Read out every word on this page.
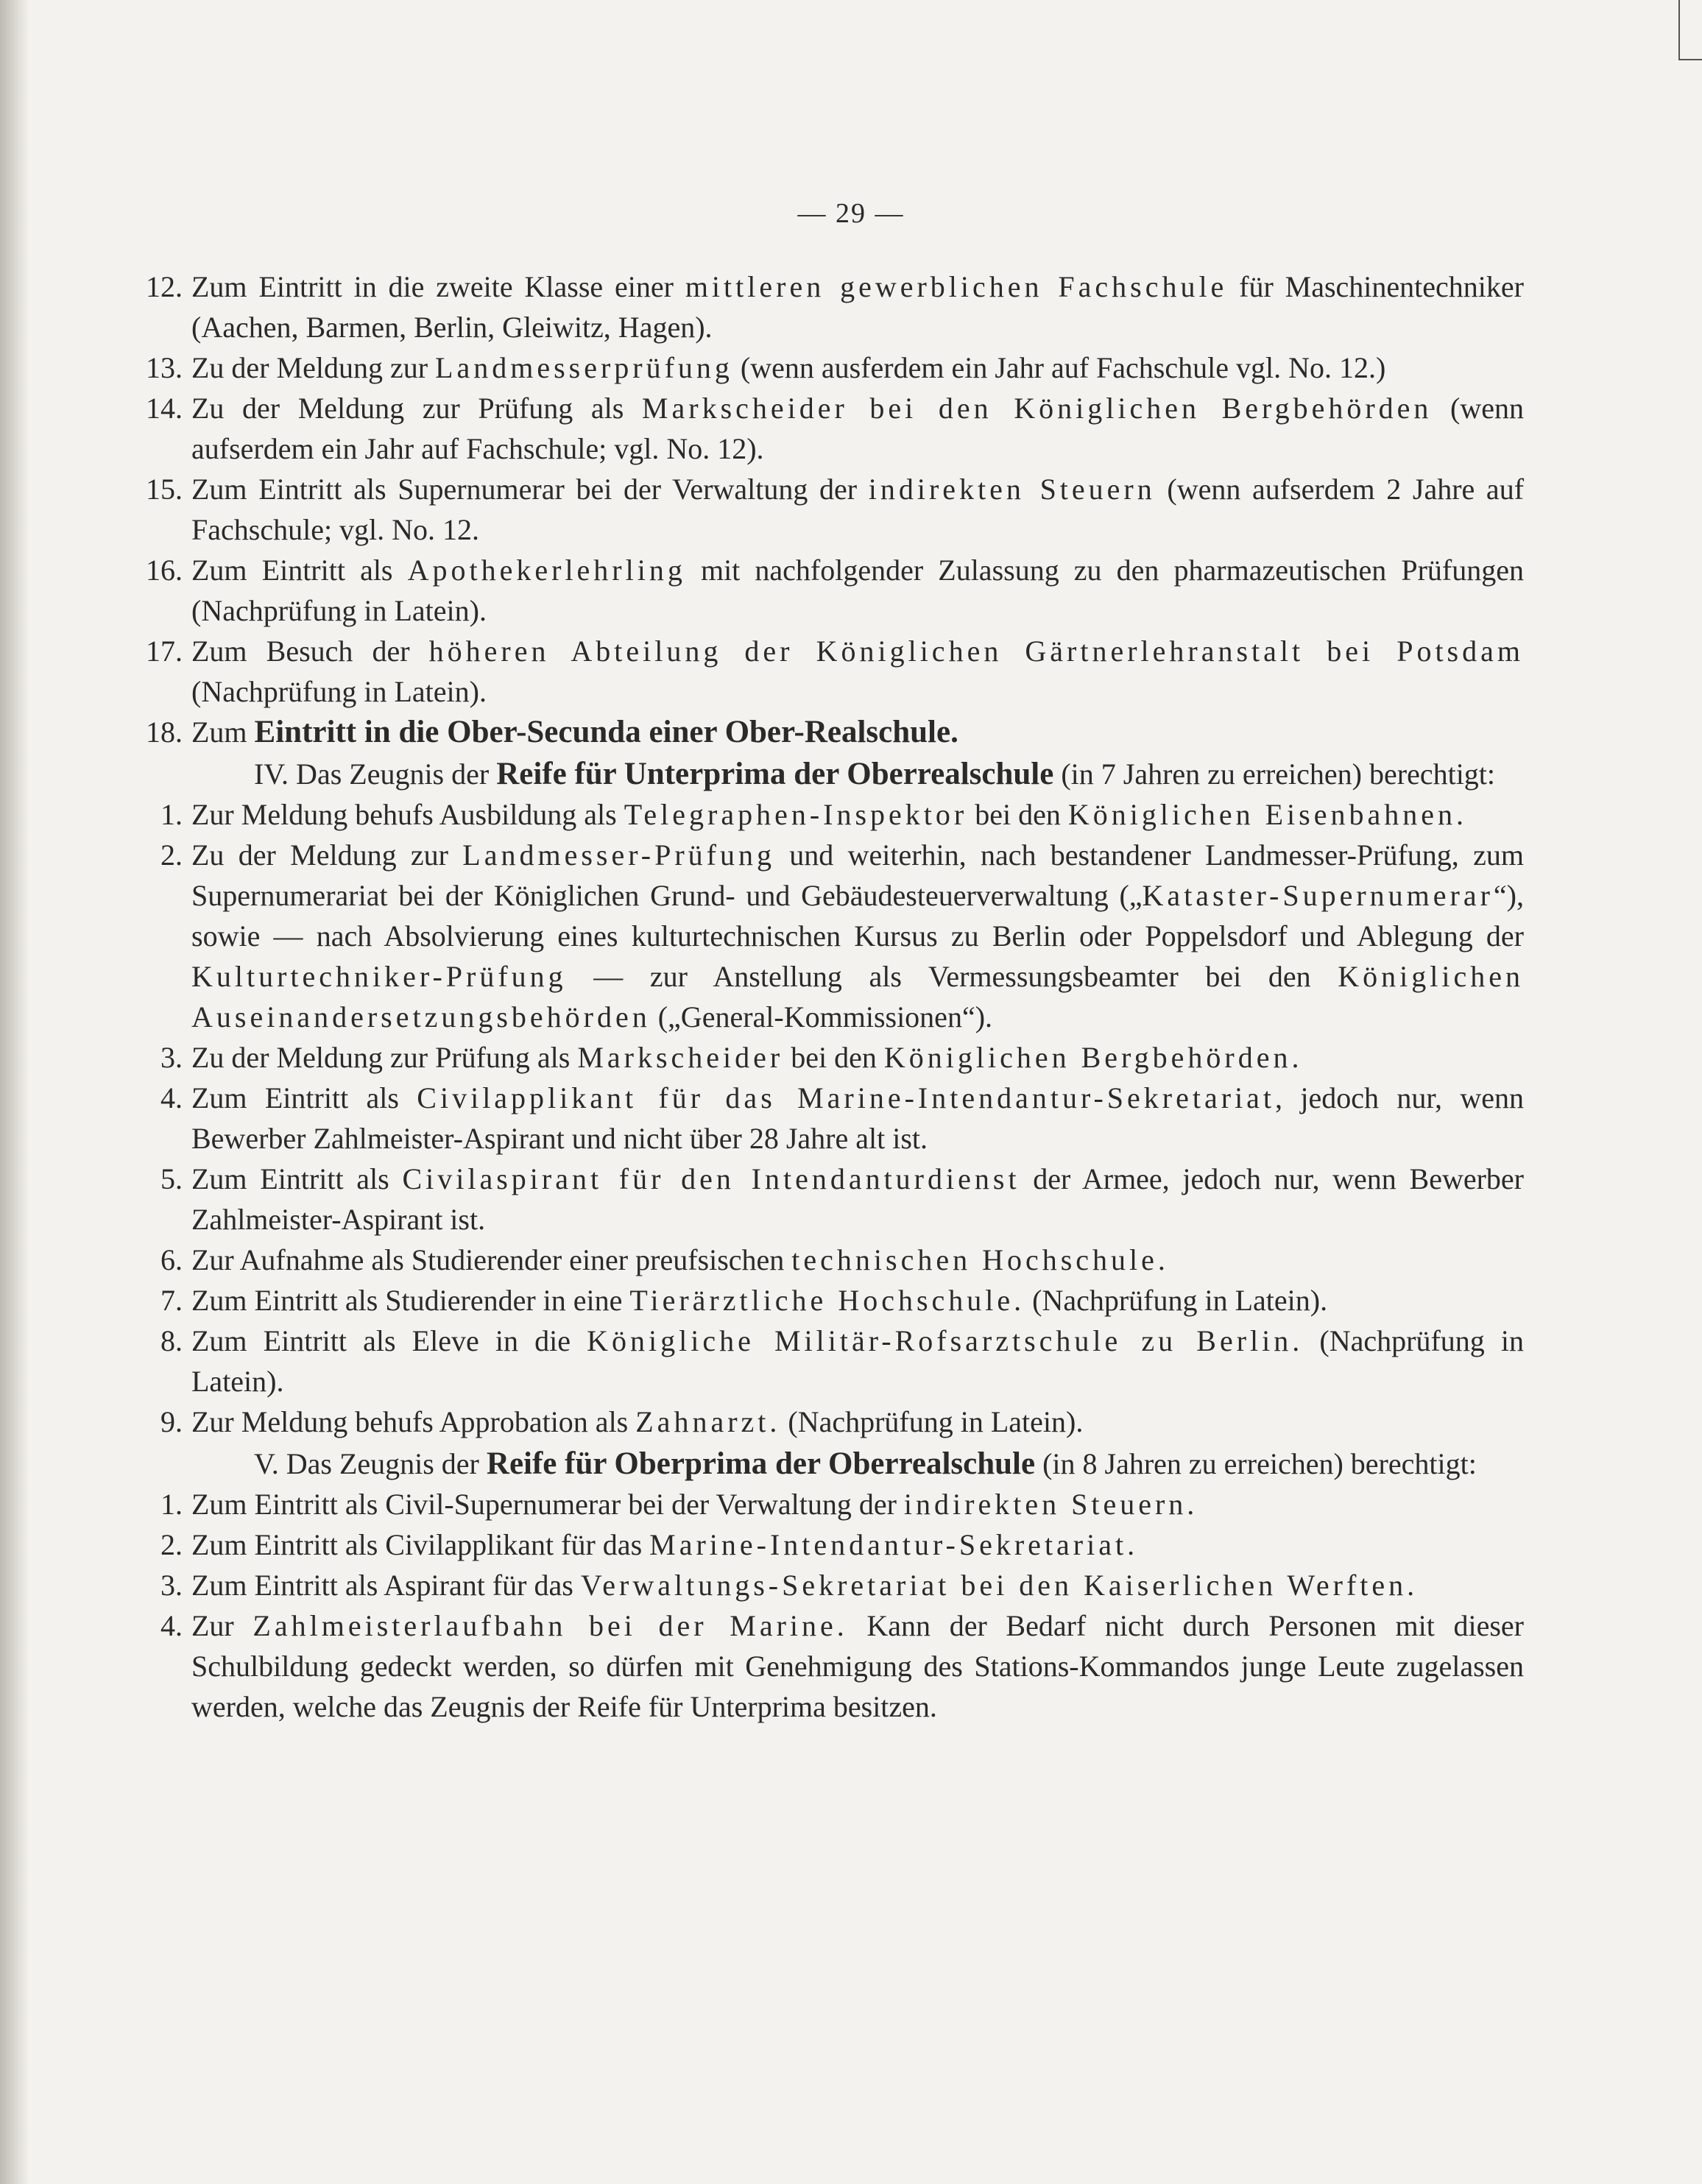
— 29 —
12. Zum Eintritt in die zweite Klasse einer mittleren gewerblichen Fachschule für Maschinentechniker (Aachen, Barmen, Berlin, Gleiwitz, Hagen).
13. Zu der Meldung zur Landmesserprüfung (wenn ausferdem ein Jahr auf Fachschule vgl. No. 12.)
14. Zu der Meldung zur Prüfung als Markscheider bei den Königlichen Bergbehörden (wenn aufserdem ein Jahr auf Fachschule; vgl. No. 12).
15. Zum Eintritt als Supernumerar bei der Verwaltung der indirekten Steuern (wenn aufserdem 2 Jahre auf Fachschule; vgl. No. 12.
16. Zum Eintritt als Apothekerlehrling mit nachfolgender Zulassung zu den pharmazeutischen Prüfungen (Nachprüfung in Latein).
17. Zum Besuch der höheren Abteilung der Königlichen Gärtnerlehranstalt bei Potsdam (Nachprüfung in Latein).
18. Zum Eintritt in die Ober-Secunda einer Ober-Realschule.
IV. Das Zeugnis der Reife für Unterprima der Oberrealschule (in 7 Jahren zu erreichen) berechtigt:
1. Zur Meldung behufs Ausbildung als Telegraphen-Inspektor bei den Königlichen Eisenbahnen.
2. Zu der Meldung zur Landmesser-Prüfung und weiterhin, nach bestandener Landmesser-Prüfung, zum Supernumerariat bei der Königlichen Grund- und Gebäudesteuerverwaltung („Kataster-Supernumerar“), sowie — nach Absolvierung eines kulturtechnischen Kursus zu Berlin oder Poppelsdorf und Ablegung der Kulturtechniker-Prüfung — zur Anstellung als Vermessungsbeamter bei den Königlichen Auseinandersetzungsbehörden („General-Kommissionen“).
3. Zu der Meldung zur Prüfung als Markscheider bei den Königlichen Bergbehörden.
4. Zum Eintritt als Civilapplikant für das Marine-Intendantur-Sekretariat, jedoch nur, wenn Bewerber Zahlmeister-Aspirant und nicht über 28 Jahre alt ist.
5. Zum Eintritt als Civilaspirant für den Intendanturdienst der Armee, jedoch nur, wenn Bewerber Zahlmeister-Aspirant ist.
6. Zur Aufnahme als Studierender einer preufsischen technischen Hochschule.
7. Zum Eintritt als Studierender in eine Tierärztliche Hochschule. (Nachprüfung in Latein).
8. Zum Eintritt als Eleve in die Königliche Militär-Rofsarztschule zu Berlin. (Nachprüfung in Latein).
9. Zur Meldung behufs Approbation als Zahnarzt. (Nachprüfung in Latein).
V. Das Zeugnis der Reife für Oberprima der Oberrealschule (in 8 Jahren zu erreichen) berechtigt:
1. Zum Eintritt als Civil-Supernumerar bei der Verwaltung der indirekten Steuern.
2. Zum Eintritt als Civilapplikant für das Marine-Intendantur-Sekretariat.
3. Zum Eintritt als Aspirant für das Verwaltungs-Sekretariat bei den Kaiserlichen Werften.
4. Zur Zahlmeisterlaufbahn bei der Marine. Kann der Bedarf nicht durch Personen mit dieser Schulbildung gedeckt werden, so dürfen mit Genehmigung des Stations-Kommandos junge Leute zugelassen werden, welche das Zeugnis der Reife für Unterprima besitzen.
